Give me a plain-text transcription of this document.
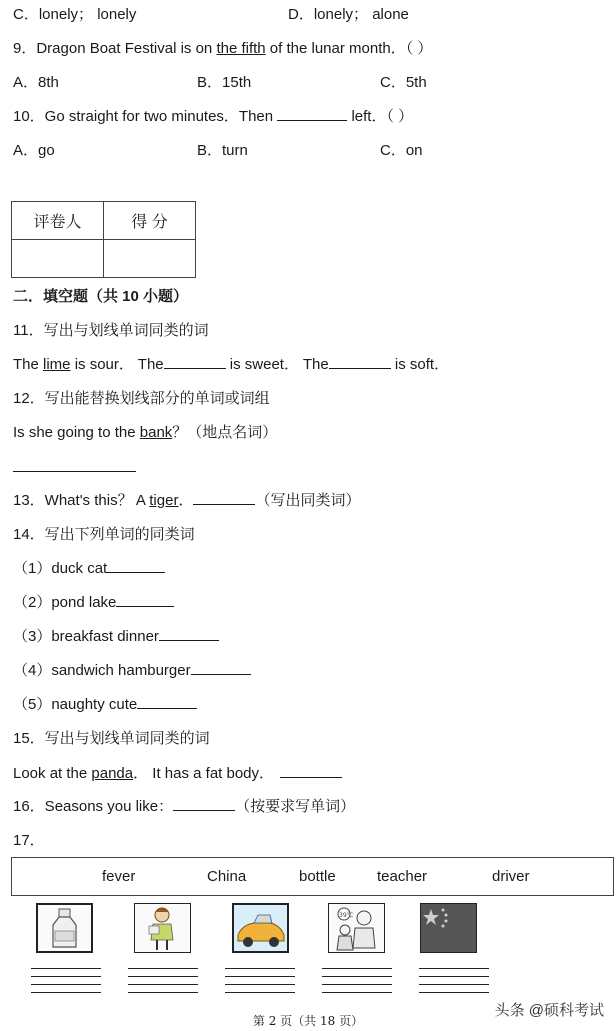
C．lonely； lonely	D．lonely； alone
9．Dragon Boat Festival is on the fifth of the lunar month．（ ）
A．8th	B．15th	C．5th
10．Go straight for two minutes．Then	left．（ ）
A．go	B．turn	C．on
评卷人	得 分

二．填空题（共 10 小题）
11．写出与划线单词同类的词
The lime is sour． The	is sweet． The	is soft．
12．写出能替换划线部分的单词或词组
Is she going to the bank？（地点名词）
13．What's this？ A tiger．	（写出同类词）
14．写出下列单词的同类词
（1）duck cat
（2）pond lake
（3）breakfast dinner
（4）sandwich hamburger
（5）naughty cute
15．写出与划线单词同类的词
Look at the panda． It has a fat body．
16．Seasons you like：	（按要求写单词）
17．
fever	China	bottle	teacher	driver
39℃
第 2 页（共 18 页）
头条 @硕科考试
